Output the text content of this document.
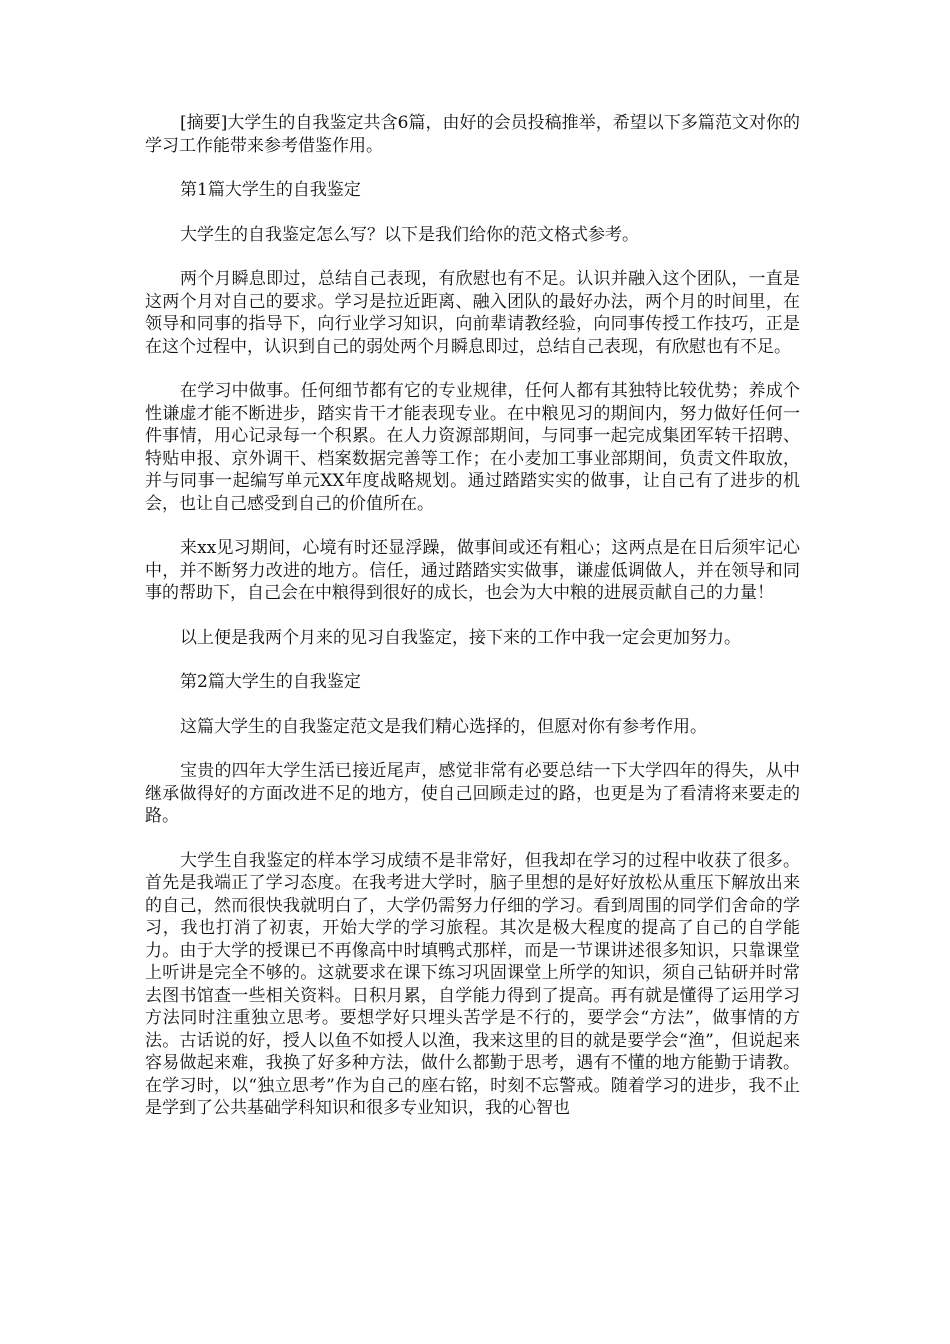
[摘要]大学生的自我鉴定共含6篇，由好的会员投稿推举，希望以下多篇范文对你的学习工作能带来参考借鉴作用。

第1篇大学生的自我鉴定

大学生的自我鉴定怎么写？以下是我们给你的范文格式参考。

两个月瞬息即过，总结自己表现，有欣慰也有不足。认识并融入这个团队，一直是这两个月对自己的要求。学习是拉近距离、融入团队的最好办法，两个月的时间里，在领导和同事的指导下，向行业学习知识，向前辈请教经验，向同事传授工作技巧，正是在这个过程中，认识到自己的弱处两个月瞬息即过，总结自己表现，有欣慰也有不足。

在学习中做事。任何细节都有它的专业规律，任何人都有其独特比较优势；养成个性谦虚才能不断进步，踏实肯干才能表现专业。在中粮见习的期间内，努力做好任何一件事情，用心记录每一个积累。在人力资源部期间，与同事一起完成集团军转干招聘、特贴申报、京外调干、档案数据完善等工作；在小麦加工事业部期间，负责文件取放，并与同事一起编写单元XX年度战略规划。通过踏踏实实的做事，让自己有了进步的机会，也让自己感受到自己的价值所在。

来xx见习期间，心境有时还显浮躁，做事间或还有粗心；这两点是在日后须牢记心中，并不断努力改进的地方。信任，通过踏踏实实做事，谦虚低调做人，并在领导和同事的帮助下，自己会在中粮得到很好的成长，也会为大中粮的进展贡献自己的力量！

以上便是我两个月来的见习自我鉴定，接下来的工作中我一定会更加努力。

第2篇大学生的自我鉴定

这篇大学生的自我鉴定范文是我们精心选择的，但愿对你有参考作用。

宝贵的四年大学生活已接近尾声，感觉非常有必要总结一下大学四年的得失，从中继承做得好的方面改进不足的地方，使自己回顾走过的路，也更是为了看清将来要走的路。

大学生自我鉴定的样本学习成绩不是非常好，但我却在学习的过程中收获了很多。首先是我端正了学习态度。在我考进大学时，脑子里想的是好好放松从重压下解放出来的自己，然而很快我就明白了，大学仍需努力仔细的学习。看到周围的同学们舍命的学习，我也打消了初衷，开始大学的学习旅程。其次是极大程度的提高了自己的自学能力。由于大学的授课已不再像高中时填鸭式那样，而是一节课讲述很多知识，只靠课堂上听讲是完全不够的。这就要求在课下练习巩固课堂上所学的知识，须自己钻研并时常去图书馆查一些相关资料。日积月累，自学能力得到了提高。再有就是懂得了运用学习方法同时注重独立思考。要想学好只埋头苦学是不行的，要学会“方法”，做事情的方法。古话说的好，授人以鱼不如授人以渔，我来这里的目的就是要学会“渔”，但说起来容易做起来难，我换了好多种方法，做什么都勤于思考，遇有不懂的地方能勤于请教。在学习时，以“独立思考”作为自己的座右铭，时刻不忘警戒。随着学习的进步，我不止是学到了公共基础学科知识和很多专业知识，我的心智也
